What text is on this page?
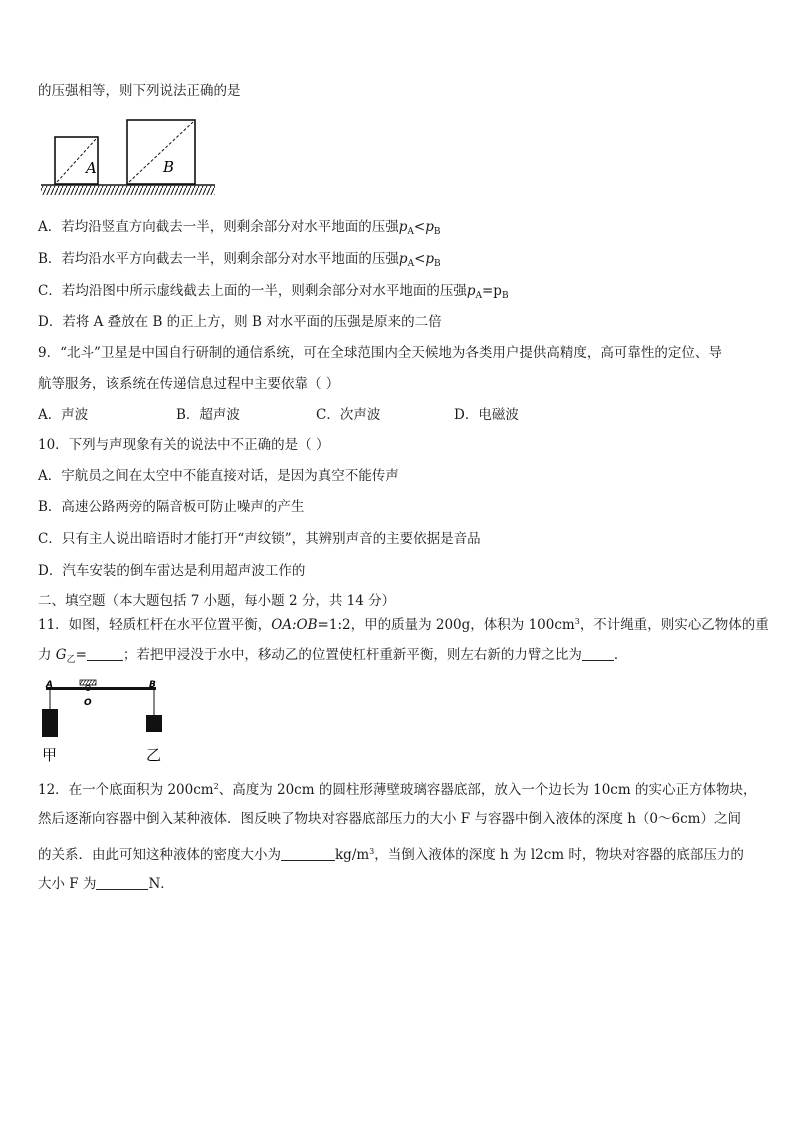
的压强相等，则下列说法正确的是
A	B
A．若均沿竖直方向截去一半，则剩余部分对水平地面的压强$p_A<p_B$
B．若均沿水平方向截去一半，则剩余部分对水平地面的压强$p_A<p_B$
C．若均沿图中所示虚线截去上面的一半，则剩余部分对水平地面的压强$p_A=p_B$
D．若将 A 叠放在 B 的正上方，则 B 对水平面的压强是原来的二倍
9．“北斗”卫星是中国自行研制的通信系统，可在全球范围内全天候地为各类用户提供高精度，高可靠性的定位、导
航等服务，该系统在传递信息过程中主要依靠（ ）
A．声波	B．超声波	C．次声波	D．电磁波
10．下列与声现象有关的说法中不正确的是（ ）
A．宇航员之间在太空中不能直接对话，是因为真空不能传声
B．高速公路两旁的隔音板可防止噪声的产生
C．只有主人说出暗语时才能打开“声纹锁”，其辨别声音的主要依据是音品
D．汽车安装的倒车雷达是利用超声波工作的
二、填空题（本大题包括 7 小题，每小题 2 分，共 14 分）
11．如图，轻质杠杆在水平位置平衡，OA:OB=1:2，甲的质量为 200g，体积为 $100cm^3$，不计绳重，则实心乙物体的重
力 $G_乙=$	；若把甲浸没于水中，移动乙的位置使杠杆重新平衡，则左右新的力臂之比为 ．
A	B
O
甲	乙
12．在一个底面积为 $200cm^2$、高度为 20cm 的圆柱形薄壁玻璃容器底部，放入一个边长为 10cm 的实心正方体物块，
然后逐渐向容器中倒入某种液体．图反映了物块对容器底部压力的大小 F 与容器中倒入液体的深度 h（0～6cm）之间
的关系．由此可知这种液体的密度大小为	$kg/m^3$，当倒入液体的深度 h 为 l2cm 时，物块对容器的底部压力的
大小 F 为	N．
